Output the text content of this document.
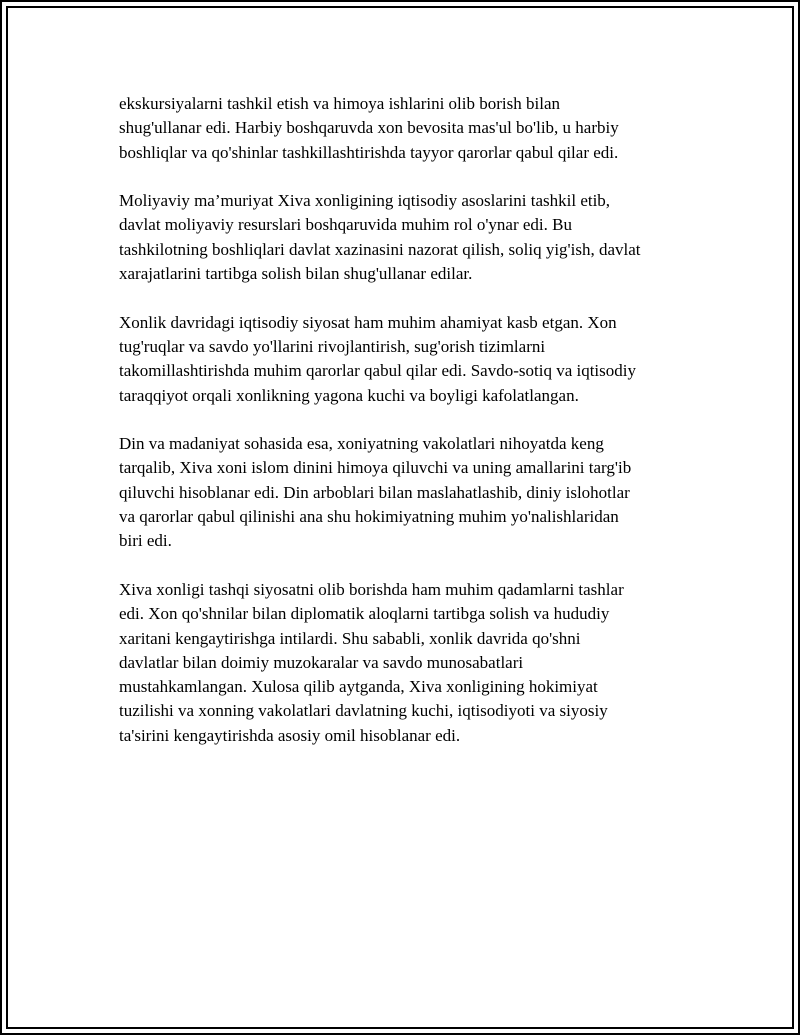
ekskursiyalarni tashkil etish va himoya ishlarini olib borish bilan
shug'ullanar edi. Harbiy boshqaruvda xon bevosita mas'ul bo'lib, u harbiy
boshliqlar va qo'shinlar tashkillashtirishda tayyor qarorlar qabul qilar edi.

Moliyaviy ma’muriyat Xiva xonligining iqtisodiy asoslarini tashkil etib,
davlat moliyaviy resurslari boshqaruvida muhim rol o'ynar edi. Bu
tashkilotning boshliqlari davlat xazinasini nazorat qilish, soliq yig'ish, davlat
xarajatlarini tartibga solish bilan shug'ullanar edilar.

Xonlik davridagi iqtisodiy siyosat ham muhim ahamiyat kasb etgan. Xon
tug'ruqlar va savdo yo'llarini rivojlantirish, sug'orish tizimlarni
takomillashtirishda muhim qarorlar qabul qilar edi. Savdo-sotiq va iqtisodiy
taraqqiyot orqali xonlikning yagona kuchi va boyligi kafolatlangan.

Din va madaniyat sohasida esa, xoniyatning vakolatlari nihoyatda keng
tarqalib, Xiva xoni islom dinini himoya qiluvchi va uning amallarini targ'ib
qiluvchi hisoblanar edi. Din arboblari bilan maslahatlashib, diniy islohotlar
va qarorlar qabul qilinishi ana shu hokimiyatning muhim yo'nalishlaridan
biri edi.

Xiva xonligi tashqi siyosatni olib borishda ham muhim qadamlarni tashlar
edi. Xon qo'shnilar bilan diplomatik aloqlarni tartibga solish va hududiy
xaritani kengaytirishga intilardi. Shu sababli, xonlik davrida qo'shni
davlatlar bilan doimiy muzokaralar va savdo munosabatlari
mustahkamlangan. Xulosa qilib aytganda, Xiva xonligining hokimiyat
tuzilishi va xonning vakolatlari davlatning kuchi, iqtisodiyoti va siyosiy
ta'sirini kengaytirishda asosiy omil hisoblanar edi.
